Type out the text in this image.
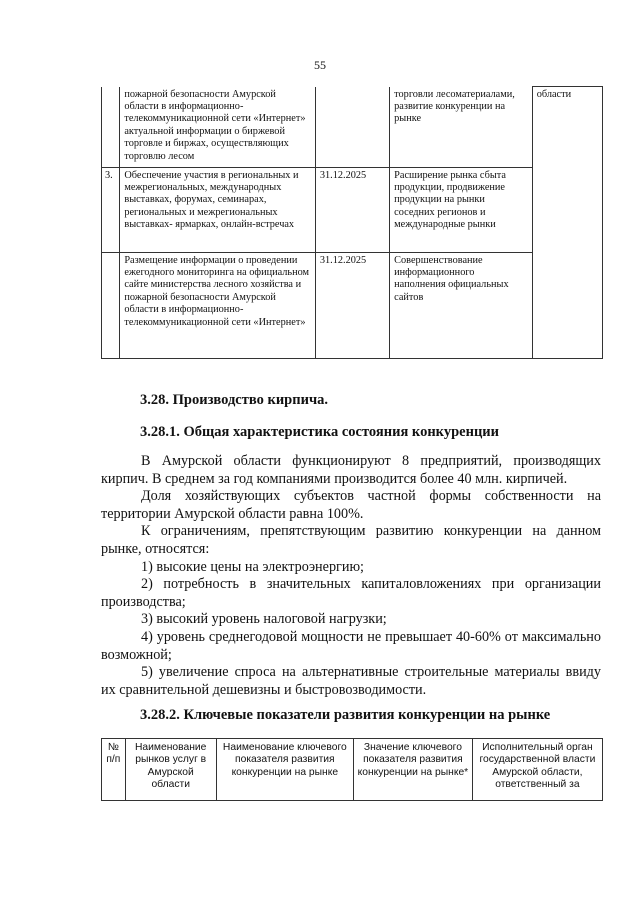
55
	пожарной безопасности Амурской области в информационно-телекоммуникационной сети «Интернет» актуальной информации о биржевой торговле и биржах, осуществляющих торговлю лесом		торговли лесоматериалами, развитие конкуренции на рынке	области
3.	Обеспечение участия в региональных и межрегиональных, международных выставках, форумах, семинарах, региональных и межрегиональных выставках- ярмарках, онлайн-встречах	31.12.2025	Расширение рынка сбыта продукции, продвижение продукции на рынки соседних регионов и международные рынки	
	Размещение информации о проведении ежегодного мониторинга на официальном сайте министерства лесного хозяйства и пожарной безопасности Амурской области в информационно-телекоммуникационной сети «Интернет»	31.12.2025	Совершенствование информационного наполнения официальных сайтов	
3.28. Производство кирпича.
3.28.1. Общая характеристика состояния конкуренции

В Амурской области функционируют 8 предприятий, производящих кирпич. В среднем за год компаниями производится более 40 млн. кирпичей.

Доля хозяйствующих субъектов частной формы собственности на территории Амурской области равна 100%.

К ограничениям, препятствующим развитию конкуренции на данном рынке, относятся:

1) высокие цены на электроэнергию;

2) потребность в значительных капиталовложениях при организации производства;

3) высокий уровень налоговой нагрузки;

4) уровень среднегодовой мощности не превышает 40-60% от максимально возможной;

5) увеличение спроса на альтернативные строительные материалы ввиду их сравнительной дешевизны и быстровозводимости.

3.28.2. Ключевые показатели развития конкуренции на рынке
№ п/п	Наименование рынков услуг в Амурской области	Наименование ключевого показателя развития конкуренции на рынке	Значение ключевого показателя развития конкуренции на рынке*	Исполнительный орган государственной власти Амурской области, ответственный за
